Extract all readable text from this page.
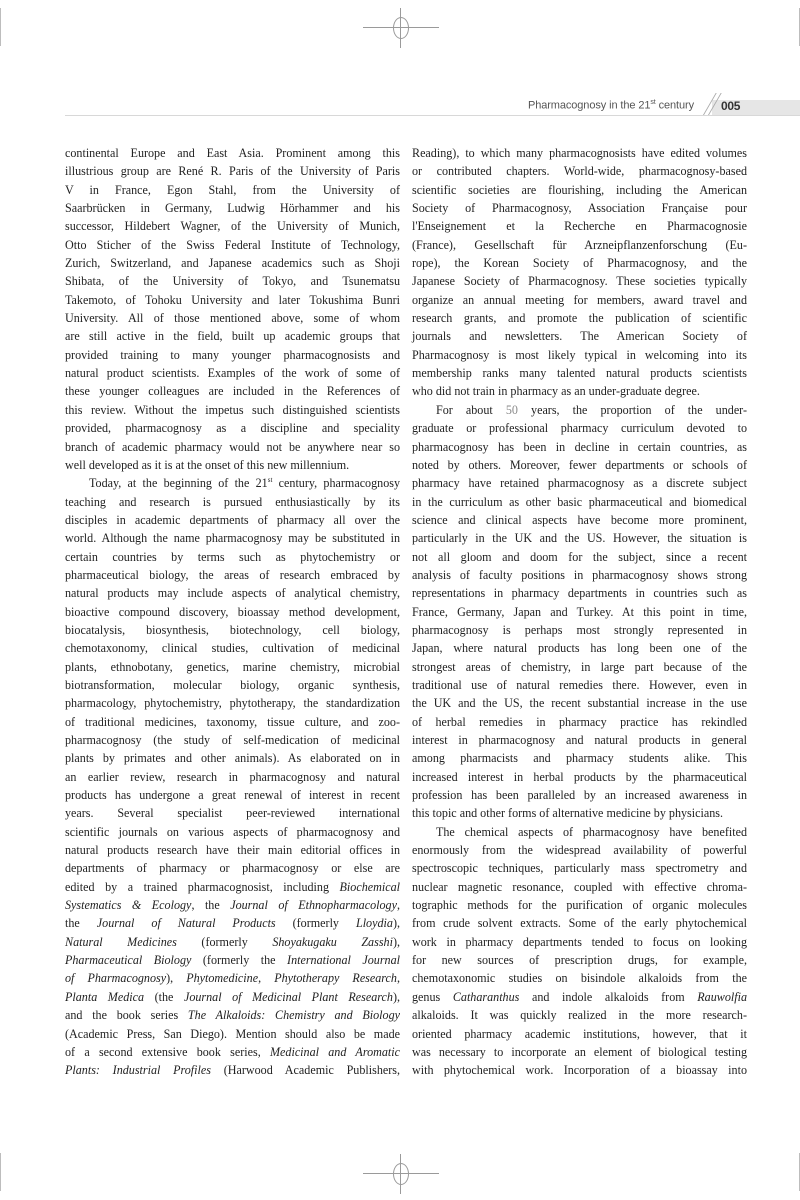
Pharmacognosy in the 21st century 005
continental Europe and East Asia. Prominent among this
illustrious group are René R. Paris of the University of Paris
V in France, Egon Stahl, from the University of
Saarbrücken in Germany, Ludwig Hörhammer and his
successor, Hildebert Wagner, of the University of Munich,
Otto Sticher of the Swiss Federal Institute of Technology,
Zurich, Switzerland, and Japanese academics such as Shoji
Shibata, of the University of Tokyo, and Tsunematsu
Takemoto, of Tohoku University and later Tokushima Bunri
University. All of those mentioned above, some of whom
are still active in the field, built up academic groups that
provided training to many younger pharmacognosists and
natural product scientists. Examples of the work of some of
these younger colleagues are included in the References of
this review. Without the impetus such distinguished scientists
provided, pharmacognosy as a discipline and speciality
branch of academic pharmacy would not be anywhere near so
well developed as it is at the onset of this new millennium.
Today, at the beginning of the 21st century, pharmacognosy
teaching and research is pursued enthusiastically by its
disciples in academic departments of pharmacy all over the
world. Although the name pharmacognosy may be substituted in
certain countries by terms such as phytochemistry or
pharmaceutical biology, the areas of research embraced by
natural products may include aspects of analytical chemistry,
bioactive compound discovery, bioassay method development,
biocatalysis, biosynthesis, biotechnology, cell biology,
chemotaxonomy, clinical studies, cultivation of medicinal
plants, ethnobotany, genetics, marine chemistry, microbial
biotransformation, molecular biology, organic synthesis,
pharmacology, phytochemistry, phytotherapy, the standardization
of traditional medicines, taxonomy, tissue culture, and zoo-
pharmacognosy (the study of self-medication of medicinal
plants by primates and other animals). As elaborated on in
an earlier review, research in pharmacognosy and natural
products has undergone a great renewal of interest in recent
years. Several specialist peer-reviewed international
scientific journals on various aspects of pharmacognosy and
natural products research have their main editorial offices in
departments of pharmacy or pharmacognosy or else are
edited by a trained pharmacognosist, including Biochemical
Systematics & Ecology, the Journal of Ethnopharmacology,
the Journal of Natural Products (formerly Lloydia),
Natural Medicines (formerly Shoyakugaku Zasshi),
Pharmaceutical Biology (formerly the International Journal
of Pharmacognosy), Phytomedicine, Phytotherapy Research,
Planta Medica (the Journal of Medicinal Plant Research),
and the book series The Alkaloids: Chemistry and Biology
(Academic Press, San Diego). Mention should also be made
of a second extensive book series, Medicinal and Aromatic
Plants: Industrial Profiles (Harwood Academic Publishers,
Reading), to which many pharmacognosists have edited volumes
or contributed chapters. World-wide, pharmacognosy-based
scientific societies are flourishing, including the American
Society of Pharmacognosy, Association Française pour
l'Enseignement et la Recherche en Pharmacognosie
(France), Gesellschaft für Arzneipflanzenforschung (Eu-
rope), the Korean Society of Pharmacognosy, and the
Japanese Society of Pharmacognosy. These societies typically
organize an annual meeting for members, award travel and
research grants, and promote the publication of scientific
journals and newsletters. The American Society of
Pharmacognosy is most likely typical in welcoming into its
membership ranks many talented natural products scientists
who did not train in pharmacy as an under-graduate degree.
For about 50 years, the proportion of the under-
graduate or professional pharmacy curriculum devoted to
pharmacognosy has been in decline in certain countries, as
noted by others. Moreover, fewer departments or schools of
pharmacy have retained pharmacognosy as a discrete subject
in the curriculum as other basic pharmaceutical and biomedical
science and clinical aspects have become more prominent,
particularly in the UK and the US. However, the situation is
not all gloom and doom for the subject, since a recent
analysis of faculty positions in pharmacognosy shows strong
representations in pharmacy departments in countries such as
France, Germany, Japan and Turkey. At this point in time,
pharmacognosy is perhaps most strongly represented in
Japan, where natural products has long been one of the
strongest areas of chemistry, in large part because of the
traditional use of natural remedies there. However, even in
the UK and the US, the recent substantial increase in the use
of herbal remedies in pharmacy practice has rekindled
interest in pharmacognosy and natural products in general
among pharmacists and pharmacy students alike. This
increased interest in herbal products by the pharmaceutical
profession has been paralleled by an increased awareness in
this topic and other forms of alternative medicine by physicians.
The chemical aspects of pharmacognosy have benefited
enormously from the widespread availability of powerful
spectroscopic techniques, particularly mass spectrometry and
nuclear magnetic resonance, coupled with effective chroma-
tographic methods for the purification of organic molecules
from crude solvent extracts. Some of the early phytochemical
work in pharmacy departments tended to focus on looking
for new sources of prescription drugs, for example,
chemotaxonomic studies on bisindole alkaloids from the
genus Catharanthus and indole alkaloids from Rauwolfia
alkaloids. It was quickly realized in the more research-
oriented pharmacy academic institutions, however, that it
was necessary to incorporate an element of biological testing
with phytochemical work. Incorporation of a bioassay into
